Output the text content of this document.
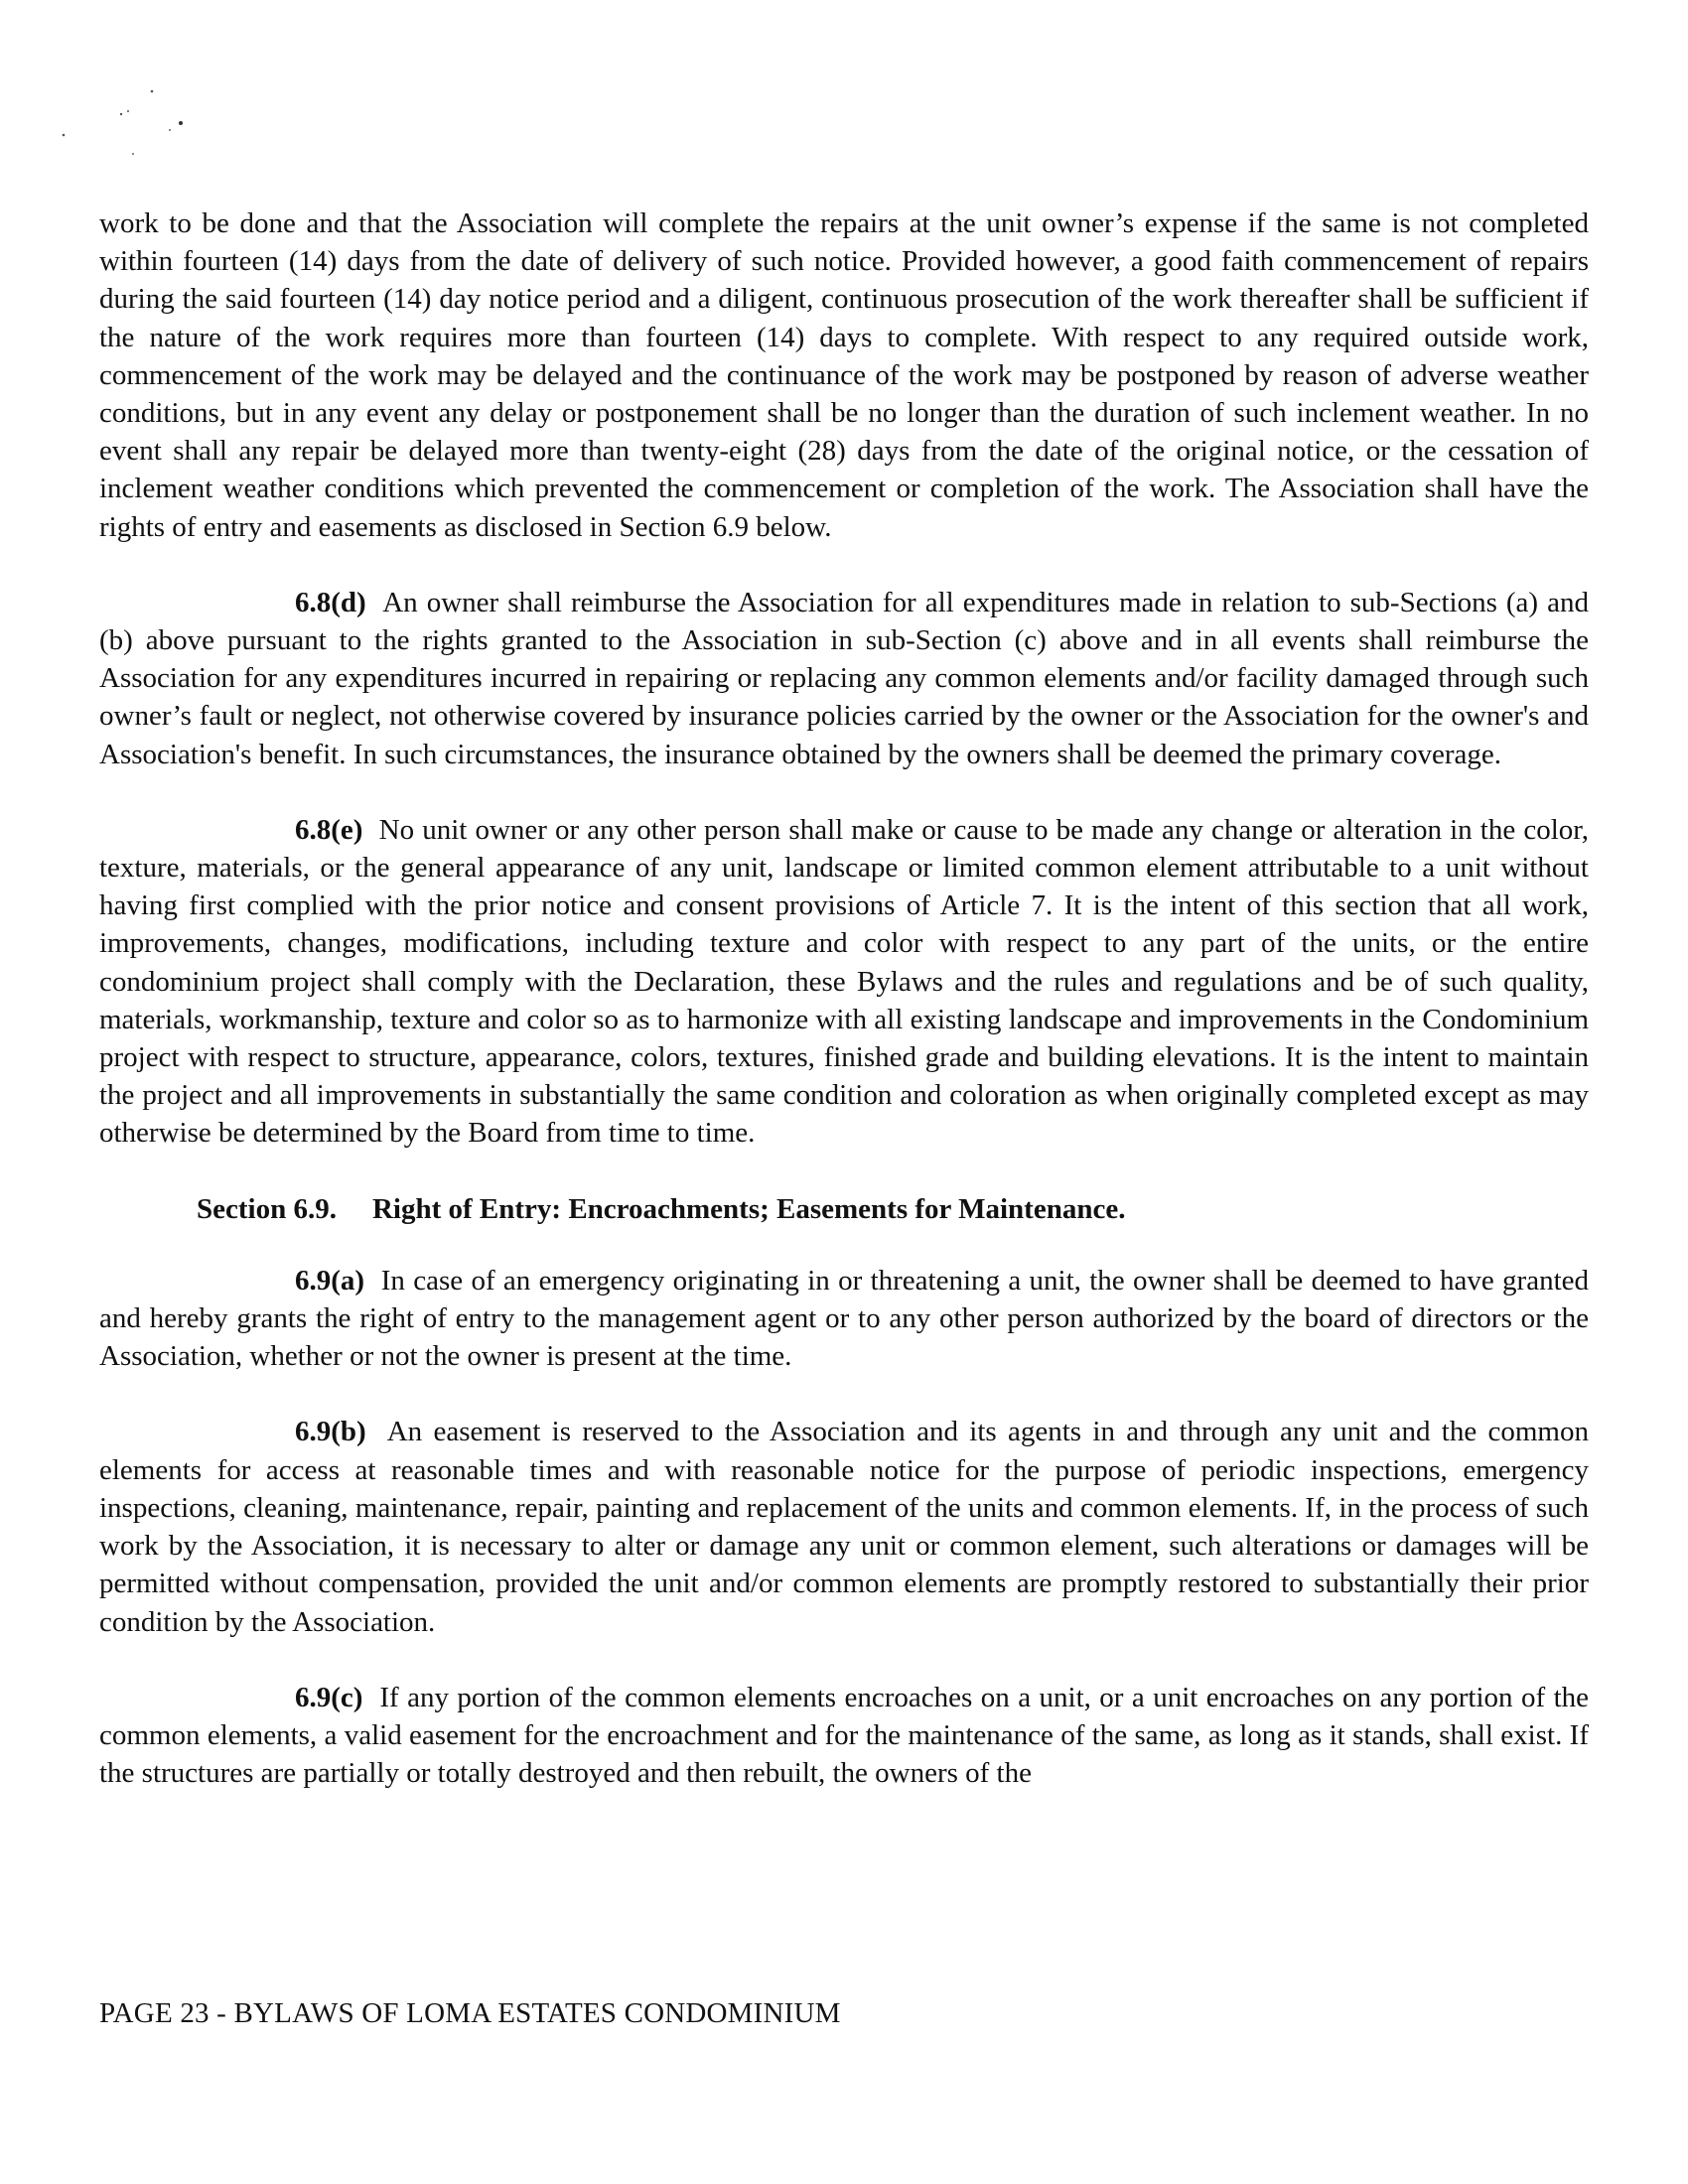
work to be done and that the Association will complete the repairs at the unit owner’s expense if the same is not completed within fourteen (14) days from the date of delivery of such notice. Provided however, a good faith commencement of repairs during the said fourteen (14) day notice period and a diligent, continuous prosecution of the work thereafter shall be sufficient if the nature of the work requires more than fourteen (14) days to complete. With respect to any required outside work, commencement of the work may be delayed and the continuance of the work may be postponed by reason of adverse weather conditions, but in any event any delay or postponement shall be no longer than the duration of such inclement weather. In no event shall any repair be delayed more than twenty-eight (28) days from the date of the original notice, or the cessation of inclement weather conditions which prevented the commencement or completion of the work. The Association shall have the rights of entry and easements as disclosed in Section 6.9 below.

6.8(d) An owner shall reimburse the Association for all expenditures made in relation to sub-Sections (a) and (b) above pursuant to the rights granted to the Association in sub-Section (c) above and in all events shall reimburse the Association for any expenditures incurred in repairing or replacing any common elements and/or facility damaged through such owner’s fault or neglect, not otherwise covered by insurance policies carried by the owner or the Association for the owner's and Association's benefit. In such circumstances, the insurance obtained by the owners shall be deemed the primary coverage.

6.8(e) No unit owner or any other person shall make or cause to be made any change or alteration in the color, texture, materials, or the general appearance of any unit, landscape or limited common element attributable to a unit without having first complied with the prior notice and consent provisions of Article 7. It is the intent of this section that all work, improvements, changes, modifications, including texture and color with respect to any part of the units, or the entire condominium project shall comply with the Declaration, these Bylaws and the rules and regulations and be of such quality, materials, workmanship, texture and color so as to harmonize with all existing landscape and improvements in the Condominium project with respect to structure, appearance, colors, textures, finished grade and building elevations. It is the intent to maintain the project and all improvements in substantially the same condition and coloration as when originally completed except as may otherwise be determined by the Board from time to time.

Section 6.9. Right of Entry: Encroachments; Easements for Maintenance.

6.9(a) In case of an emergency originating in or threatening a unit, the owner shall be deemed to have granted and hereby grants the right of entry to the management agent or to any other person authorized by the board of directors or the Association, whether or not the owner is present at the time.

6.9(b) An easement is reserved to the Association and its agents in and through any unit and the common elements for access at reasonable times and with reasonable notice for the purpose of periodic inspections, emergency inspections, cleaning, maintenance, repair, painting and replacement of the units and common elements. If, in the process of such work by the Association, it is necessary to alter or damage any unit or common element, such alterations or damages will be permitted without compensation, provided the unit and/or common elements are promptly restored to substantially their prior condition by the Association.

6.9(c) If any portion of the common elements encroaches on a unit, or a unit encroaches on any portion of the common elements, a valid easement for the encroachment and for the maintenance of the same, as long as it stands, shall exist. If the structures are partially or totally destroyed and then rebuilt, the owners of the

PAGE 23 - BYLAWS OF LOMA ESTATES CONDOMINIUM
